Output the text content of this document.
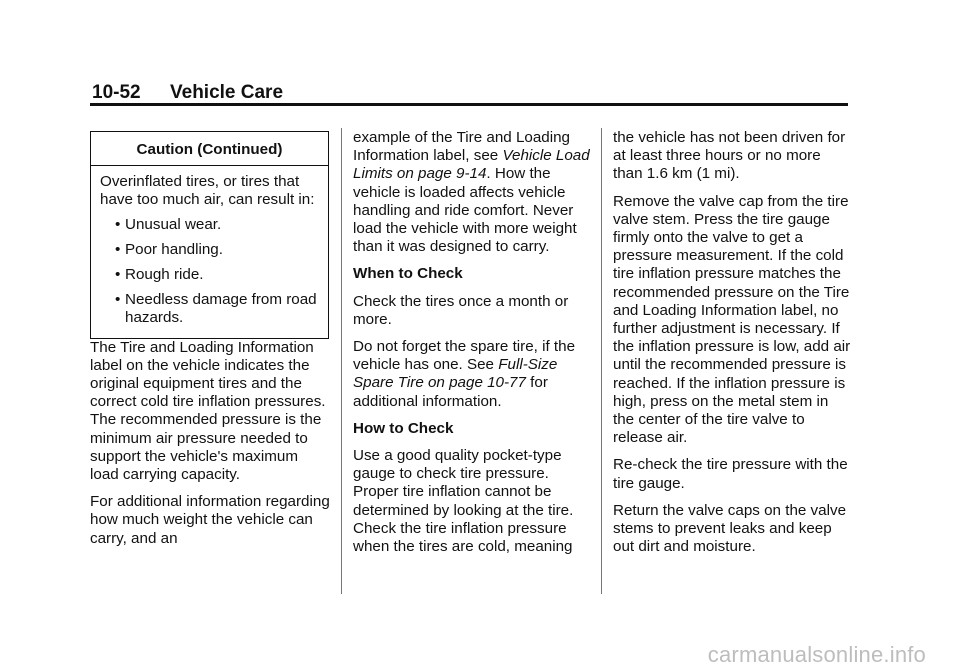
10-52 Vehicle Care
Caution (Continued)

Overinflated tires, or tires that have too much air, can result in:

• Unusual wear.
• Poor handling.
• Rough ride.
• Needless damage from road hazards.

The Tire and Loading Information label on the vehicle indicates the original equipment tires and the correct cold tire inflation pressures. The recommended pressure is the minimum air pressure needed to support the vehicle's maximum load carrying capacity.

For additional information regarding how much weight the vehicle can carry, and an

example of the Tire and Loading Information label, see Vehicle Load Limits on page 9-14. How the vehicle is loaded affects vehicle handling and ride comfort. Never load the vehicle with more weight than it was designed to carry.

When to Check

Check the tires once a month or more.

Do not forget the spare tire, if the vehicle has one. See Full-Size Spare Tire on page 10-77 for additional information.

How to Check

Use a good quality pocket-type gauge to check tire pressure. Proper tire inflation cannot be determined by looking at the tire. Check the tire inflation pressure when the tires are cold, meaning

the vehicle has not been driven for at least three hours or no more than 1.6 km (1 mi).

Remove the valve cap from the tire valve stem. Press the tire gauge firmly onto the valve to get a pressure measurement. If the cold tire inflation pressure matches the recommended pressure on the Tire and Loading Information label, no further adjustment is necessary. If the inflation pressure is low, add air until the recommended pressure is reached. If the inflation pressure is high, press on the metal stem in the center of the tire valve to release air.

Re-check the tire pressure with the tire gauge.

Return the valve caps on the valve stems to prevent leaks and keep out dirt and moisture.

carmanualsonline.info
